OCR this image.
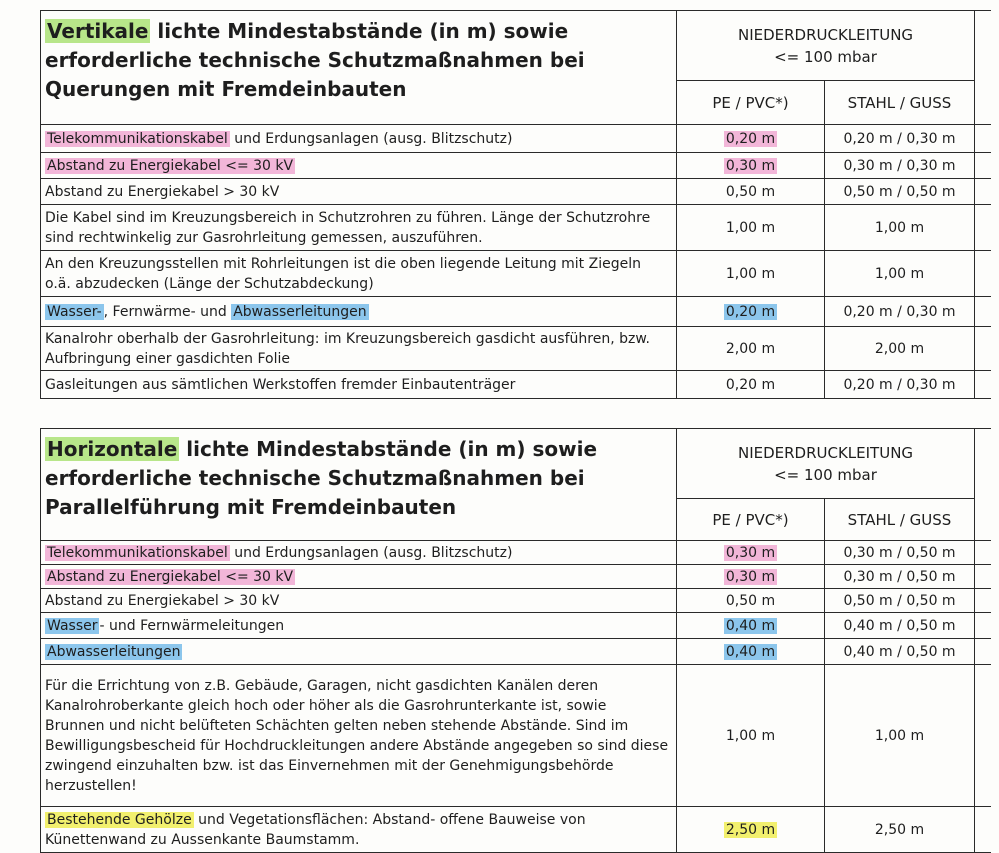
Vertikale lichte Mindestabstände (in m) sowie erforderliche technische Schutzmaßnahmen bei Querungen mit Fremdeinbauten	NIEDERDRUCKLEITUNG
<= 100 mbar		

	PE / PVC*)	STAHL / GUSS	
Telekommunikationskabel und Erdungsanlagen (ausg. Blitzschutz)	0,20 m	0,20 m / 0,30 m	
Abstand zu Energiekabel <= 30 kV	0,30 m	0,30 m / 0,30 m	
Abstand zu Energiekabel > 30 kV	0,50 m	0,50 m / 0,50 m	
Die Kabel sind im Kreuzungsbereich in Schutzrohren zu führen. Länge der Schutzrohre sind rechtwinkelig zur Gasrohrleitung gemessen, auszuführen.	1,00 m	1,00 m	
An den Kreuzungsstellen mit Rohrleitungen ist die oben liegende Leitung mit Ziegeln o.ä. abzudecken (Länge der Schutzabdeckung)	1,00 m	1,00 m	
Wasser- , Fernwärme- und Abwasserleitungen	0,20 m	0,20 m / 0,30 m	
Kanalrohr oberhalb der Gasrohrleitung: im Kreuzungsbereich gasdicht ausführen, bzw. Aufbringung einer gasdichten Folie	2,00 m	2,00 m	
Gasleitungen aus sämtlichen Werkstoffen fremder Einbautenträger	0,20 m	0,20 m / 0,30 m	
Horizontale lichte Mindestabstände (in m) sowie erforderliche technische Schutzmaßnahmen bei Parallelführung mit Fremdeinbauten	NIEDERDRUCKLEITUNG
<= 100 mbar		

	PE / PVC*)	STAHL / GUSS	
Telekommunikationskabel und Erdungsanlagen (ausg. Blitzschutz)	0,30 m	0,30 m / 0,50 m	
Abstand zu Energiekabel <= 30 kV	0,30 m	0,30 m / 0,50 m	
Abstand zu Energiekabel > 30 kV	0,50 m	0,50 m / 0,50 m	
Wasser - und Fernwärmeleitungen	0,40 m	0,40 m / 0,50 m	
Abwasserleitungen	0,40 m	0,40 m / 0,50 m	
Für die Errichtung von z.B. Gebäude, Garagen, nicht gasdichten Kanälen deren Kanalrohroberkante gleich hoch oder höher als die Gasrohrunterkante ist, sowie Brunnen und nicht belüfteten Schächten gelten neben stehende Abstände. Sind im Bewilligungsbescheid für Hochdruckleitungen andere Abstände angegeben so sind diese zwingend einzuhalten bzw. ist das Einvernehmen mit der Genehmigungsbehörde herzustellen!	1,00 m	1,00 m	
Bestehende Gehölze und Vegetationsflächen: Abstand- offene Bauweise von Künettenwand zu Aussenkante Baumstamm.	2,50 m	2,50 m	
